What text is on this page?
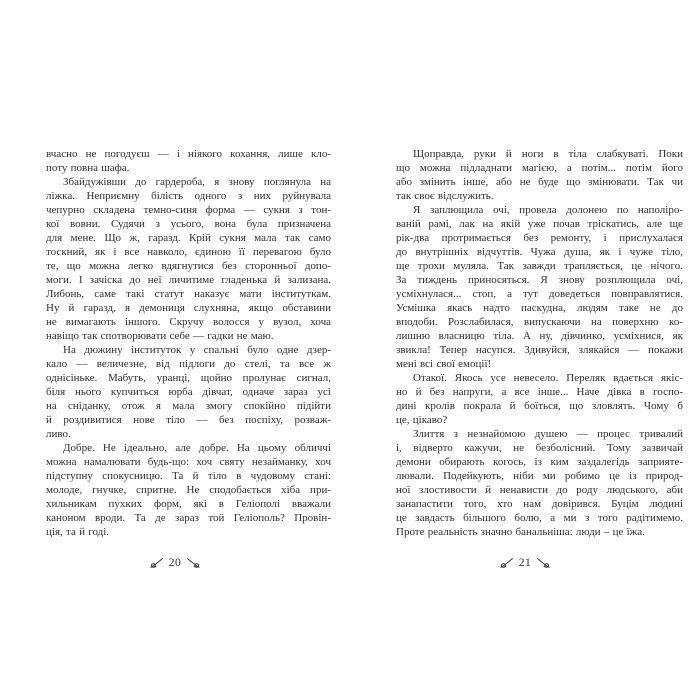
вчасно не погодуєш — і ніякого кохання, лише кло-
поту повна шафа.
Збайдужівши до гардероба, я знову поглянула на
ліжка. Неприємну білість одного з них руйнувала
чепурно складена темно-синя форма — сукня з тон-
кої вовни. Судячи з усього, вона була призначена
для мене. Що ж, гаразд. Крій сукня мала так само
тоскний, як і все навколо, єдиною її перевагою було
те, що можна легко вдягнутися без сторонньої допо-
моги. І зачіска до неї личитиме гладенька й зализана.
Либонь, саме такі статут наказує мати інституткам.
Ну й гаразд, я демониця слухняна, якщо обставини
не вимагають іншого. Скручу волосся у вузол, хоча
навіщо так спотворювати себе — гадки не маю.
На дюжину інституток у спальні було одне дзер-
кало — величезне, від підлоги до стелі, та все ж
однісіньке. Мабуть, уранці, щойно пролунає сигнал,
біля нього купчиться юрба дівчат, одначе зараз усі
на сніданку, отож я мала змогу спокійно підійти
й роздивитися нове тіло — без поспіху, розваж-
ливо.
Добре. Не ідеально, але добре. На цьому обличчі
можна намалювати будь-що: хоч святу незайманку, хоч
підступну спокусницю. Та й тіло в чудовому стані:
молоде, гнучке, спритне. Не сподобається хіба при-
хильникам пухких форм, які в Геліополі вважали
каноном вроди. Та де зараз той Геліополь? Провін-
ція, та й годі.
20
Щоправда, руки й ноги в тіла слабкуваті. Поки
що можна підладнати магією, а потім... потім його
або змінить інше, або не буде що змінювати. Так чи
так своє відслужить.
Я заплющила очі, провела долонею по наполіро-
ваній рамі, лак на якій уже почав тріскатись, але ще
рік-два протримається без ремонту, і прислухалася
до внутрішніх відчуттів. Чужа душа, як і чуже тіло,
ще трохи муляла. Так завжди трапляється, це нічого.
За тиждень приносяться. Я знову розплющила очі,
усміхнулася... стоп, а тут доведеться повправлятися.
Усмішка якась надто паскудна, людям таке не до
вподоби. Розслабилася, випускаючи на поверхню ко-
лишню власницю тіла. А ну, дівчинко, усміхнися, як
звикла! Тепер насупся. Здивуйся, злякайся — покажи
мені всі свої емоції!
Отакої. Якось усе невесело. Переляк вдається якіс-
но й без напруги, а все інше... Наче дівка в госпо-
дині кролів покрала й боїться, що зловлять. Чому б
це, цікаво?
Злиття з незнайомою душею — процес тривалий
і, відверто кажучи, не безболісний. Тому зазвичай
демони обирають когось, із ким заздалегідь заприяте-
лювали. Подейкують, ніби ми робимо це із природ-
ної злостивости й ненависти до роду людського, аби
занапастити того, хто нам довірився. Буцім людині
це завдасть більшого болю, а ми з того радітимемо.
Проте реальність значно банальніша: люди – це їжа.
21
